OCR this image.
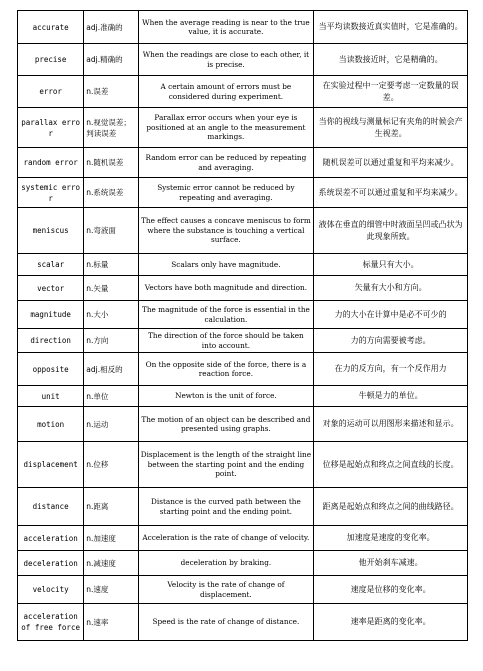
accurate	adj.准确的	When the average reading is near to the true value, it is accurate.	当平均读数接近真实值时，它是准确的。
precise	adj.精确的	When the readings are close to each other, it is precise.	当读数接近时，它是精确的。
error	n.误差	A certain amount of errors must be considered during experiment.	在实验过程中一定要考虑一定数量的误差。
parallax error	n.视觉误差；判读误差	Parallax error occurs when your eye is positioned at an angle to the measurement markings.	当你的视线与测量标记有夹角的时候会产生视差。
random error	n.随机误差	Random error can be reduced by repeating and averaging.	随机误差可以通过重复和平均来减少。
systemic error	n.系统误差	Systemic error cannot be reduced by repeating and averaging.	系统误差不可以通过重复和平均来减少。
meniscus	n.弯液面	The effect causes a concave meniscus to form where the substance is touching a vertical surface.	液体在垂直的细管中时液面呈凹或凸状为此现象所致。
scalar	n.标量	Scalars only have magnitude.	标量只有大小。
vector	n.矢量	Vectors have both magnitude and direction.	矢量有大小和方向。
magnitude	n.大小	The magnitude of the force is essential in the calculation.	力的大小在计算中是必不可少的
direction	n.方向	The direction of the force should be taken into account.	力的方向需要被考虑。
opposite	adj.相反的	On the opposite side of the force, there is a reaction force.	在力的反方向，有一个反作用力
unit	n.单位	Newton is the unit of force.	牛顿是力的单位。
motion	n.运动	The motion of an object can be described and presented using graphs.	对象的运动可以用图形来描述和显示。
displacement	n.位移	Displacement is the length of the straight line between the starting point and the ending point.	位移是起始点和终点之间直线的长度。
distance	n.距离	Distance is the curved path between the starting point and the ending point.	距离是起始点和终点之间的曲线路径。
acceleration	n.加速度	Acceleration is the rate of change of velocity.	加速度是速度的变化率。
deceleration	n.减速度	deceleration by braking.	他开始刹车减速。
velocity	n.速度	Velocity is the rate of change of displacement.	速度是位移的变化率。
acceleration of free force	n.速率	Speed is the rate of change of distance.	速率是距离的变化率。
